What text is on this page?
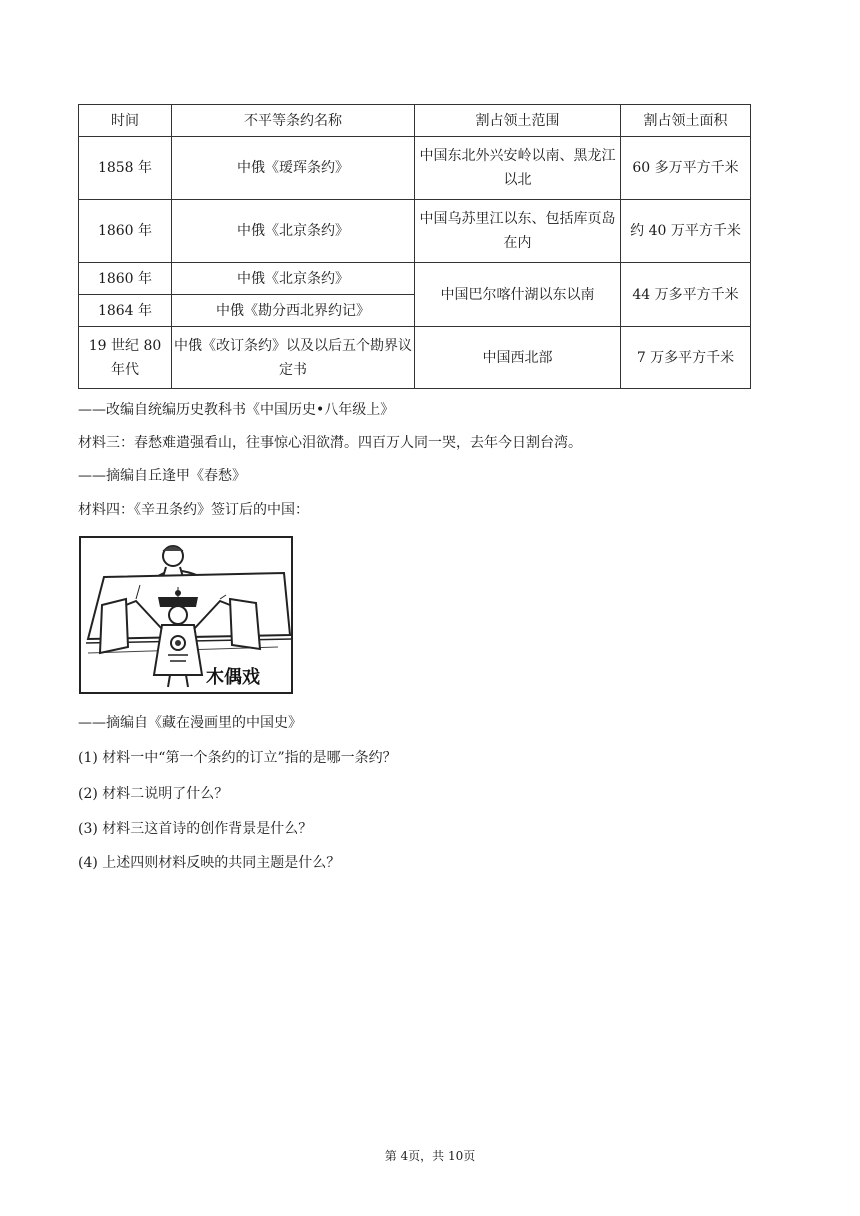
时间	不平等条约名称	割占领土范围	割占领土面积
1858 年	中俄《瑷珲条约》	中国东北外兴安岭以南、黑龙江以北	60 多万平方千米
1860 年	中俄《北京条约》	中国乌苏里江以东、包括库页岛在内	约 40 万平方千米
1860 年	中俄《北京条约》	中国巴尔喀什湖以东以南	44 万多平方千米
1864 年	中俄《勘分西北界约记》		
19 世纪 80 年代	中俄《改订条约》以及以后五个勘界议定书	中国西北部	7 万多平方千米
——改编自统编历史教科书《中国历史•八年级上》
材料三：春愁难遣强看山，往事惊心泪欲潸。四百万人同一哭，去年今日割台湾。
——摘编自丘逢甲《春愁》
材料四：《辛丑条约》签订后的中国：
木偶戏
——摘编自《藏在漫画里的中国史》
(1) 材料一中“第一个条约的订立”指的是哪一条约？
(2) 材料二说明了什么？
(3) 材料三这首诗的创作背景是什么？
(4) 上述四则材料反映的共同主题是什么？
第 4页，共 10页
